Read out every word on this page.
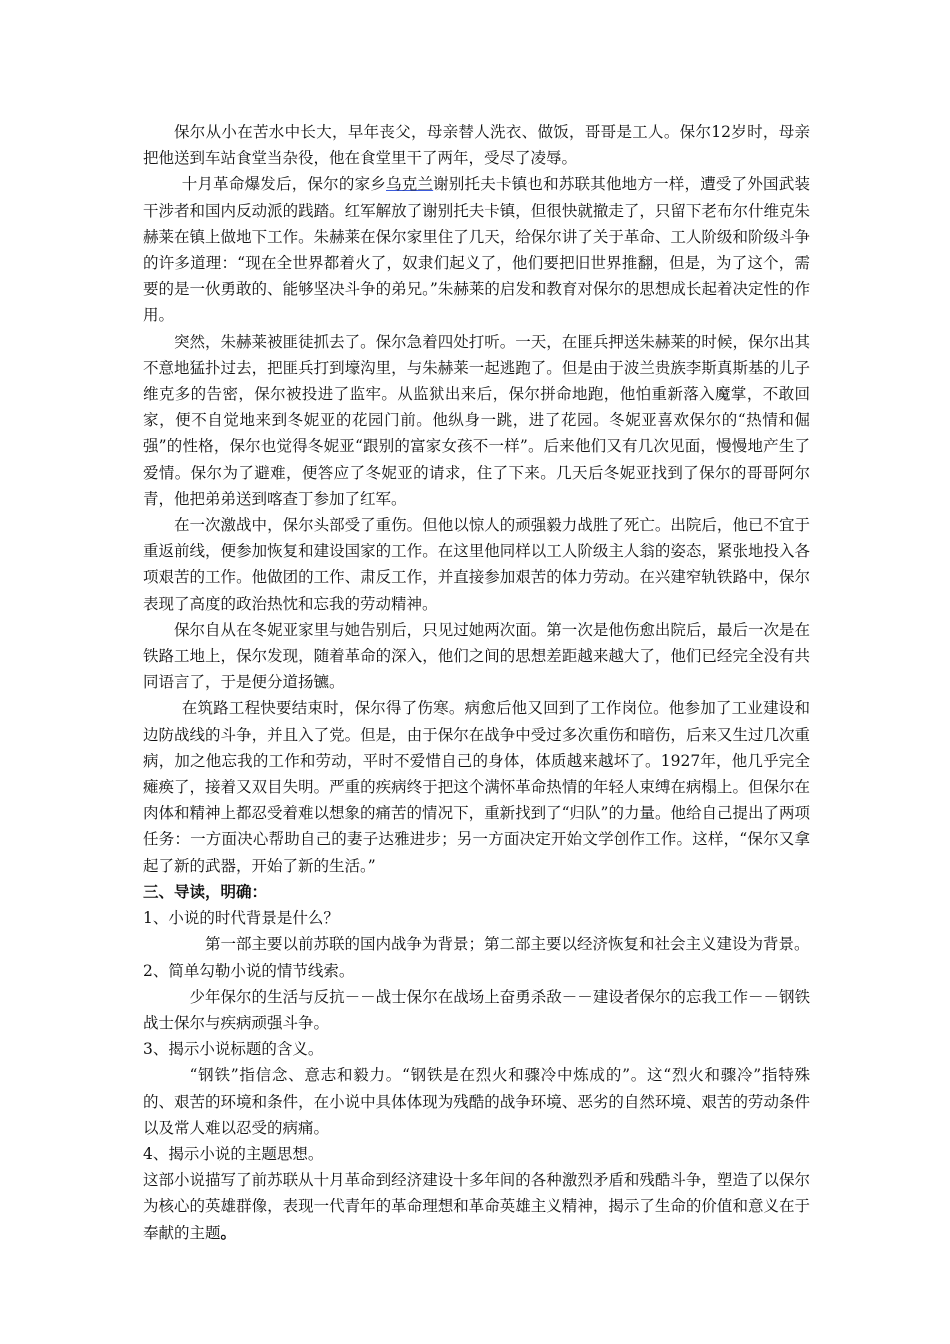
保尔从小在苦水中长大，早年丧父，母亲替人洗衣、做饭，哥哥是工人。保尔12岁时，母亲把他送到车站食堂当杂役，他在食堂里干了两年，受尽了凌辱。

十月革命爆发后，保尔的家乡乌克兰谢别托夫卡镇也和苏联其他地方一样，遭受了外国武装干涉者和国内反动派的践踏。红军解放了谢别托夫卡镇，但很快就撤走了，只留下老布尔什维克朱赫莱在镇上做地下工作。朱赫莱在保尔家里住了几天，给保尔讲了关于革命、工人阶级和阶级斗争的许多道理：“现在全世界都着火了，奴隶们起义了，他们要把旧世界推翻，但是，为了这个，需要的是一伙勇敢的、能够坚决斗争的弟兄。”朱赫莱的启发和教育对保尔的思想成长起着决定性的作用。

突然，朱赫莱被匪徒抓去了。保尔急着四处打听。一天，在匪兵押送朱赫莱的时候，保尔出其不意地猛扑过去，把匪兵打到壕沟里，与朱赫莱一起逃跑了。但是由于波兰贵族李斯真斯基的儿子维克多的告密，保尔被投进了监牢。从监狱出来后，保尔拼命地跑，他怕重新落入魔掌，不敢回家，便不自觉地来到冬妮亚的花园门前。他纵身一跳，进了花园。冬妮亚喜欢保尔的“热情和倔强”的性格，保尔也觉得冬妮亚“跟别的富家女孩不一样”。后来他们又有几次见面，慢慢地产生了爱情。保尔为了避难，便答应了冬妮亚的请求，住了下来。几天后冬妮亚找到了保尔的哥哥阿尔青，他把弟弟送到喀查丁参加了红军。

在一次激战中，保尔头部受了重伤。但他以惊人的顽强毅力战胜了死亡。出院后，他已不宜于重返前线，便参加恢复和建设国家的工作。在这里他同样以工人阶级主人翁的姿态，紧张地投入各项艰苦的工作。他做团的工作、肃反工作，并直接参加艰苦的体力劳动。在兴建窄轨铁路中，保尔表现了高度的政治热忱和忘我的劳动精神。

保尔自从在冬妮亚家里与她告别后，只见过她两次面。第一次是他伤愈出院后，最后一次是在铁路工地上，保尔发现，随着革命的深入，他们之间的思想差距越来越大了，他们已经完全没有共同语言了，于是便分道扬镳。

在筑路工程快要结束时，保尔得了伤寒。病愈后他又回到了工作岗位。他参加了工业建设和边防战线的斗争，并且入了党。但是，由于保尔在战争中受过多次重伤和暗伤，后来又生过几次重病，加之他忘我的工作和劳动，平时不爱惜自己的身体，体质越来越坏了。1927年，他几乎完全瘫痪了，接着又双目失明。严重的疾病终于把这个满怀革命热情的年轻人束缚在病榻上。但保尔在肉体和精神上都忍受着难以想象的痛苦的情况下，重新找到了“归队”的力量。他给自己提出了两项任务：一方面决心帮助自己的妻子达雅进步；另一方面决定开始文学创作工作。这样，“保尔又拿起了新的武器，开始了新的生活。”

三、导读，明确：

1、小说的时代背景是什么？

第一部主要以前苏联的国内战争为背景；第二部主要以经济恢复和社会主义建设为背景。

2、简单勾勒小说的情节线索。

少年保尔的生活与反抗－－战士保尔在战场上奋勇杀敌－－建设者保尔的忘我工作－－钢铁战士保尔与疾病顽强斗争。

3、揭示小说标题的含义。

“钢铁”指信念、意志和毅力。“钢铁是在烈火和骤冷中炼成的”。这“烈火和骤冷”指特殊的、艰苦的环境和条件，在小说中具体体现为残酷的战争环境、恶劣的自然环境、艰苦的劳动条件以及常人难以忍受的病痛。

4、揭示小说的主题思想。

这部小说描写了前苏联从十月革命到经济建设十多年间的各种激烈矛盾和残酷斗争，塑造了以保尔为核心的英雄群像，表现一代青年的革命理想和革命英雄主义精神，揭示了生命的价值和意义在于奉献的主题。
